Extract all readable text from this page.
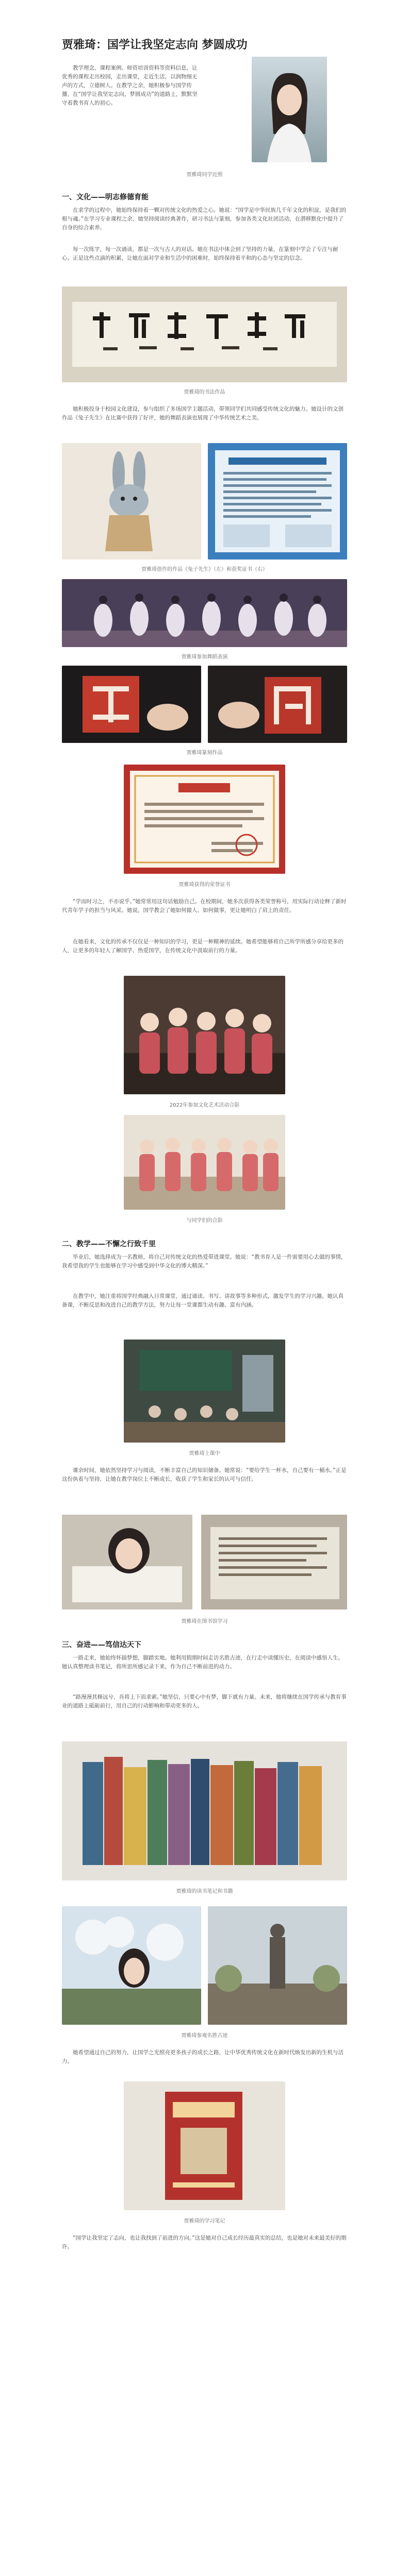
贾雅琦：国学让我坚定志向 梦圆成功

教学理念、课程案例、师资培训资料等资料信息，让优秀的课程走出校园，走出课堂，走近生活，以润物细无声的方式，立德树人。在教学之余，她积极参与国学传播，在“国学让我坚定志向，梦圆成功”的道路上，默默坚守着教书育人的初心。

贾雅琦同学近照
一、文化——明志修德育能

在求学的过程中，她始终保持着一颗对传统文化的热爱之心。她说：“国学是中华民族几千年文化的积淀，是我们的根与魂。”在学习专业课程之余，她坚持阅读经典著作，研习书法与篆刻，参加各类文化社团活动，在潜移默化中提升了自身的综合素养。

每一次练字，每一次诵读，都是一次与古人的对话。她在书法中体会到了坚持的力量，在篆刻中学会了专注与耐心。正是这些点滴的积累，让她在面对学业和生活中的困难时，始终保持着平和的心态与坚定的信念。

贾雅琦的书法作品

她积极投身于校园文化建设，参与组织了多场国学主题活动，带领同学们共同感受传统文化的魅力。她设计的文创作品《兔子先生》在比赛中获得了好评，她的舞蹈表演也展现了中华传统艺术之美。

贾雅琦创作的作品《兔子先生》（左）和获奖证书（右）
贾雅琦参加舞蹈表演
贾雅琦篆刻作品
贾雅琦获得的荣誉证书

“学而时习之，不亦说乎。”她常常用这句话勉励自己。在校期间，她多次获得各类荣誉称号，用实际行动诠释了新时代青年学子的担当与风采。她说，国学教会了她如何做人、如何做事，更让她明白了肩上的责任。

在她看来，文化的传承不仅仅是一种知识的学习，更是一种精神的延续。她希望能够将自己所学所感分享给更多的人，让更多的年轻人了解国学、热爱国学，在传统文化中汲取前行的力量。

2022年参加文化艺术活动合影
与同学们的合影
二、教学——不懈之行致千里

毕业后，她选择成为一名教师，将自己对传统文化的热爱带进课堂。她说：“教书育人是一件需要用心去做的事情，我希望我的学生也能够在学习中感受到中华文化的博大精深。”

在教学中，她注重将国学经典融入日常课堂，通过诵读、书写、讲故事等多种形式，激发学生的学习兴趣。她认真备课，不断反思和改进自己的教学方法，努力让每一堂课都生动有趣、富有内涵。

贾雅琦上课中

课余时间，她依然坚持学习与阅读，不断丰富自己的知识储备。她常说：“要给学生一杯水，自己要有一桶水。”正是这份执着与坚持，让她在教学岗位上不断成长，收获了学生和家长的认可与信任。

贾雅琦在图书馆学习
三、奋进——笃信达天下

一路走来，她始终怀揣梦想，脚踏实地。她利用假期时间走访名胜古迹，在行走中读懂历史，在阅读中感悟人生。她认真整理读书笔记，将所思所感记录下来，作为自己不断前进的动力。

“路漫漫其修远兮，吾将上下而求索。”她坚信，只要心中有梦，脚下就有力量。未来，她将继续在国学传承与教育事业的道路上砥砺前行，用自己的行动影响和带动更多的人。

贾雅琦的读书笔记和书籍
贾雅琦参观名胜古迹

她希望通过自己的努力，让国学之光照亮更多孩子的成长之路，让中华优秀传统文化在新时代焕发出新的生机与活力。

贾雅琦的学习笔记

“国学让我坚定了志向，也让我找到了前进的方向。”这是她对自己成长经历最真实的总结，也是她对未来最美好的期许。
